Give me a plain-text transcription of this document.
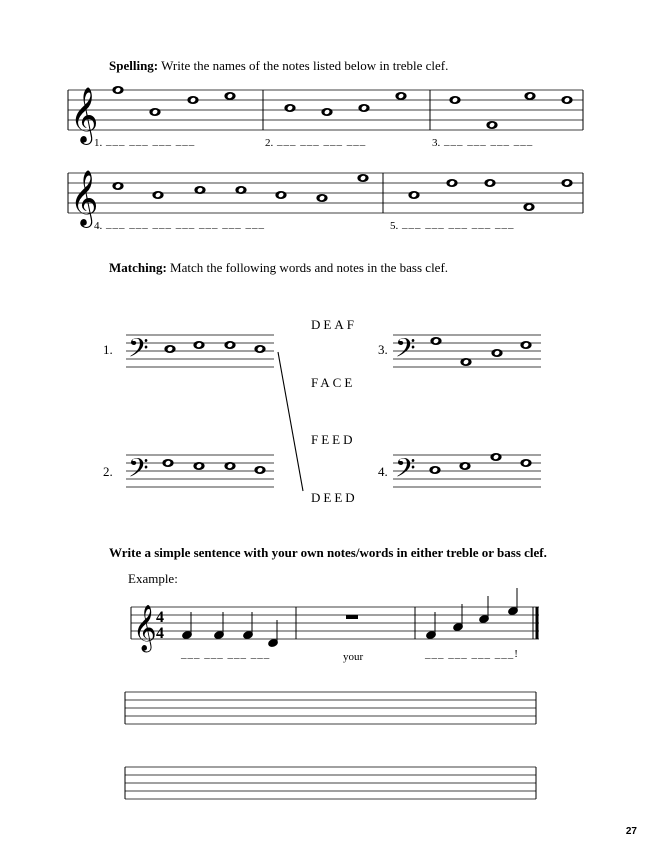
Spelling: Write the names of the notes listed below in treble clef.
Matching: Match the following words and notes in the bass clef.
Write a simple sentence with your own notes/words in either treble or bass clef.
Example:
1. ___ ___ ___ ___	2. ___ ___ ___ ___	3. ___ ___ ___ ___
4. ___ ___ ___ ___ ___ ___ ___	5. ___ ___ ___ ___ ___
1.
2.
3.
4.
DEAF
FACE
FEED
DEED
___ ___ ___ ___	your	___ ___ ___ ___!
27
𝄞
𝄞
𝄢
𝄢
𝄢
𝄢
𝄞 4
4
